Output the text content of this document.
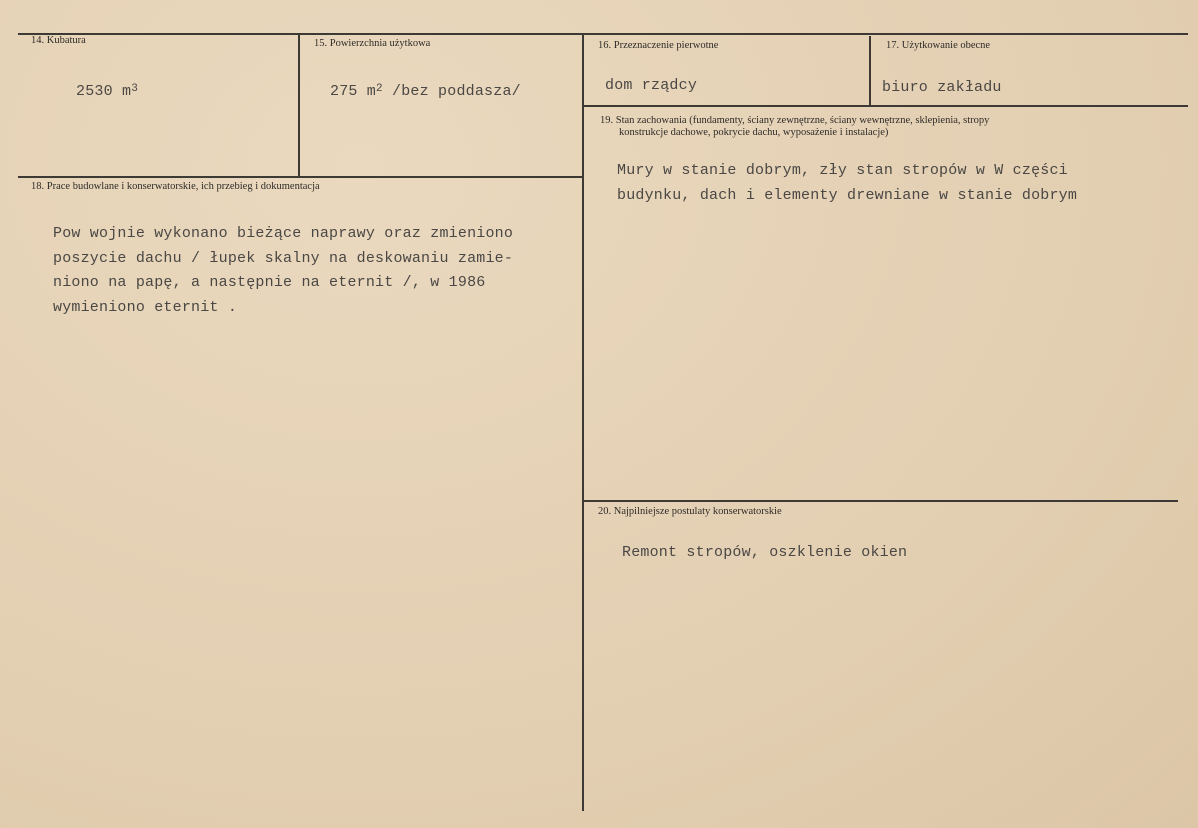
14. Kubatura
2530 $m^3$
15. Powierzchnia użytkowa
275 $m^2$ /bez poddasza/
16. Przeznaczenie pierwotne
dom rządcy
17. Użytkowanie obecne
biuro zakładu
19. Stan zachowania (fundamenty, ściany zewnętrzne, ściany wewnętrzne, sklepienia, stropy
konstrukcje dachowe, pokrycie dachu, wyposażenie i instalacje)
Mury w stanie dobrym, zły stan stropów w W części
budynku, dach i elementy drewniane w stanie dobrym
18. Prace budowlane i konserwatorskie, ich przebieg i dokumentacja
Pow wojnie wykonano bieżące naprawy oraz zmieniono
poszycie dachu / łupek skalny na deskowaniu zamie-
niono na papę, a następnie na eternit /, w 1986
wymieniono eternit .
20. Najpilniejsze postulaty konserwatorskie
Remont stropów, oszklenie okien
